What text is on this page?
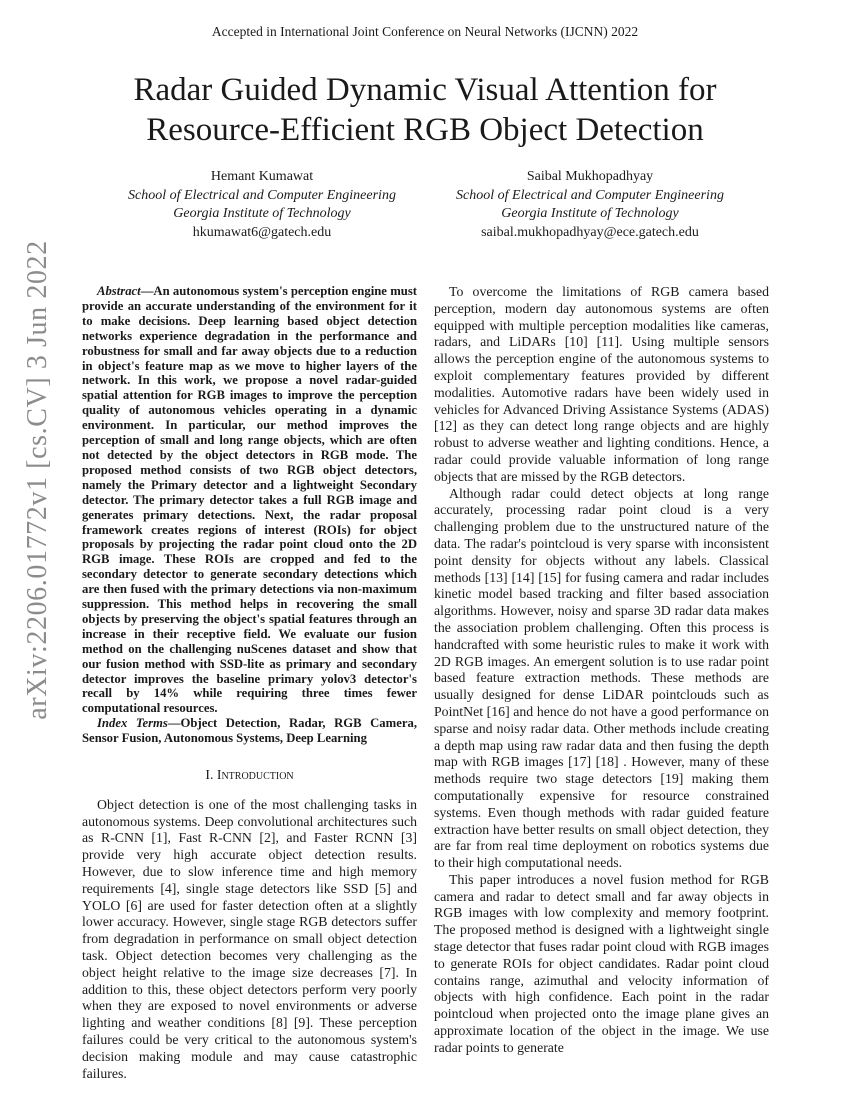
Accepted in International Joint Conference on Neural Networks (IJCNN) 2022
Radar Guided Dynamic Visual Attention for
Resource-Efficient RGB Object Detection
Hemant Kumawat
School of Electrical and Computer Engineering
Georgia Institute of Technology
hkumawat6@gatech.edu
Saibal Mukhopadhyay
School of Electrical and Computer Engineering
Georgia Institute of Technology
saibal.mukhopadhyay@ece.gatech.edu
arXiv:2206.01772v1 [cs.CV] 3 Jun 2022	Abstract—An autonomous system's perception engine must provide an accurate understanding of the environment for it to make decisions. Deep learning based object detection networks experience degradation in the performance and robustness for small and far away objects due to a reduction in object's feature map as we move to higher layers of the network. In this work, we propose a novel radar-guided spatial attention for RGB images to improve the perception quality of autonomous vehicles operating in a dynamic environment. In particular, our method improves the perception of small and long range objects, which are often not detected by the object detectors in RGB mode. The proposed method consists of two RGB object detectors, namely the Primary detector and a lightweight Secondary detector. The primary detector takes a full RGB image and generates primary detections. Next, the radar proposal framework creates regions of interest (ROIs) for object proposals by projecting the radar point cloud onto the 2D RGB image. These ROIs are cropped and fed to the secondary detector to generate secondary detections which are then fused with the primary detections via non-maximum suppression. This method helps in recovering the small objects by preserving the object's spatial features through an increase in their receptive field. We evaluate our fusion method on the challenging nuScenes dataset and show that our fusion method with SSD-lite as primary and secondary detector improves the baseline primary yolov3 detector's recall by 14% while requiring three times fewer computational resources.

Index Terms—Object Detection, Radar, RGB Camera, Sensor Fusion, Autonomous Systems, Deep Learning

I. Introduction

Object detection is one of the most challenging tasks in autonomous systems. Deep convolutional architectures such as R-CNN [1], Fast R-CNN [2], and Faster RCNN [3] provide very high accurate object detection results. However, due to slow inference time and high memory requirements [4], single stage detectors like SSD [5] and YOLO [6] are used for faster detection often at a slightly lower accuracy. However, single stage RGB detectors suffer from degradation in performance on small object detection task. Object detection becomes very challenging as the object height relative to the image size decreases [7]. In addition to this, these object detectors perform very poorly when they are exposed to novel environments or adverse lighting and weather conditions [8] [9]. These perception failures could be very critical to the autonomous system's decision making module and may cause catastrophic failures.

To overcome the limitations of RGB camera based perception, modern day autonomous systems are often equipped with multiple perception modalities like cameras, radars, and LiDARs [10] [11]. Using multiple sensors allows the perception engine of the autonomous systems to exploit complementary features provided by different modalities. Automotive radars have been widely used in vehicles for Advanced Driving Assistance Systems (ADAS) [12] as they can detect long range objects and are highly robust to adverse weather and lighting conditions. Hence, a radar could provide valuable information of long range objects that are missed by the RGB detectors.

Although radar could detect objects at long range accurately, processing radar point cloud is a very challenging problem due to the unstructured nature of the data. The radar's pointcloud is very sparse with inconsistent point density for objects without any labels. Classical methods [13] [14] [15] for fusing camera and radar includes kinetic model based tracking and filter based association algorithms. However, noisy and sparse 3D radar data makes the association problem challenging. Often this process is handcrafted with some heuristic rules to make it work with 2D RGB images. An emergent solution is to use radar point based feature extraction methods. These methods are usually designed for dense LiDAR pointclouds such as PointNet [16] and hence do not have a good performance on sparse and noisy radar data. Other methods include creating a depth map using raw radar data and then fusing the depth map with RGB images [17] [18] . However, many of these methods require two stage detectors [19] making them computationally expensive for resource constrained systems. Even though methods with radar guided feature extraction have better results on small object detection, they are far from real time deployment on robotics systems due to their high computational needs.

This paper introduces a novel fusion method for RGB camera and radar to detect small and far away objects in RGB images with low complexity and memory footprint. The proposed method is designed with a lightweight single stage detector that fuses radar point cloud with RGB images to generate ROIs for object candidates. Radar point cloud contains range, azimuthal and velocity information of objects with high confidence. Each point in the radar pointcloud when projected onto the image plane gives an approximate location of the object in the image. We use radar points to generate
